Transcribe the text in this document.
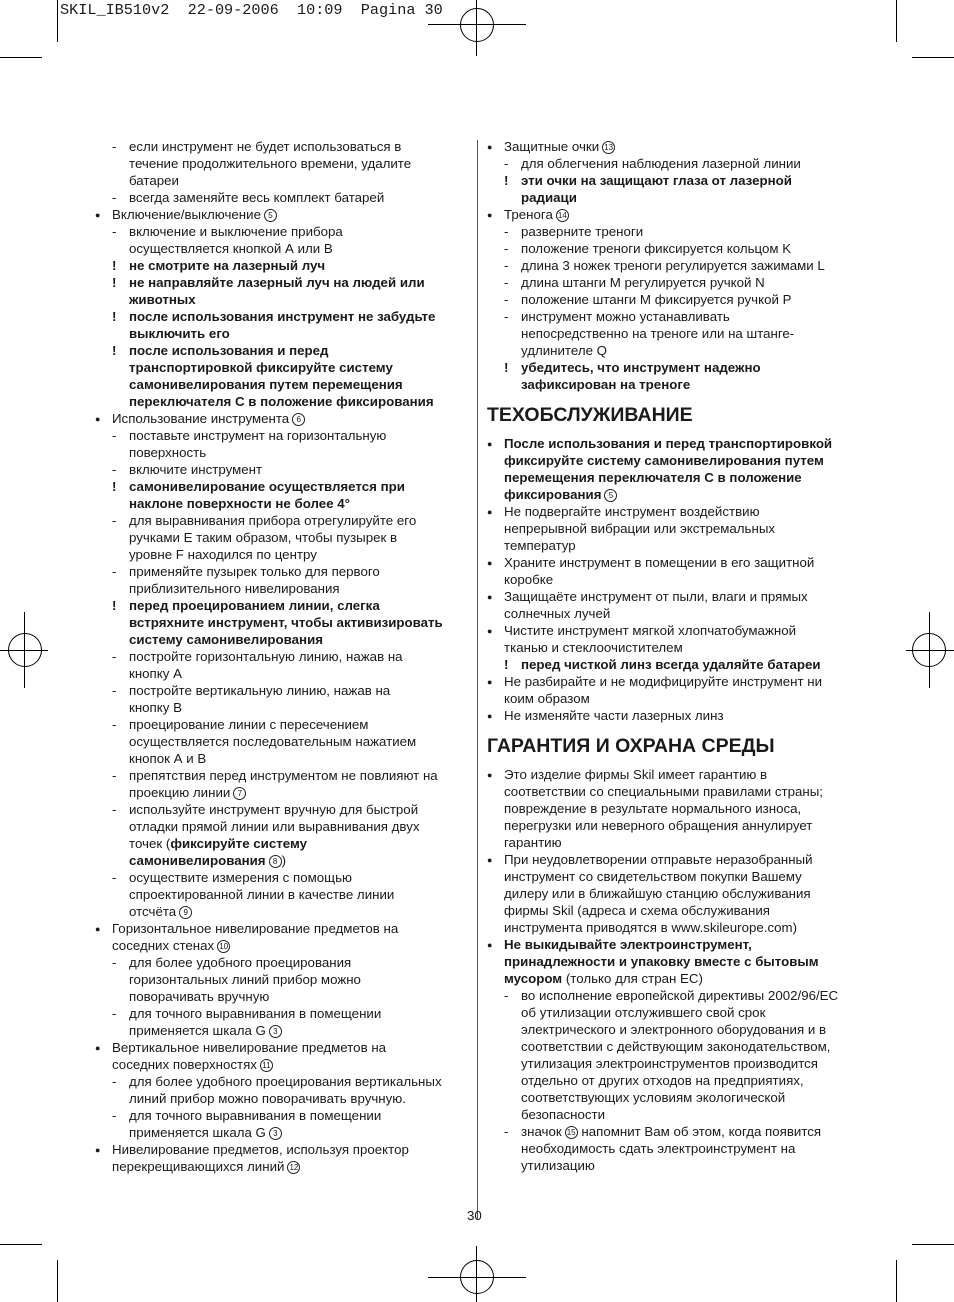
SKIL_IB510v2  22-09-2006  10:09  Pagina 30
- если инструмент не будет использоваться в
течение продолжительного времени, удалите
батареи
- всегда заменяйте весь комплект батарей
● Включение/выключение 5
- включение и выключение прибора
осуществляется кнопкой А или В
! не смотрите на лазерный луч
! не направляйте лазерный луч на людей или
животных
! после использования инструмент не забудьте
выключить его
! после использования и перед
транспортировкой фиксируйте систему
самонивелирования путем перемещения
переключателя С в положение фиксирования
● Использование инструмента 6
- поставьте инструмент на горизонтальную
поверхность
- включите инструмент
! самонивелирование осуществляется при
наклоне поверхности не более 4°
- для выравнивания прибора отрегулируйте его
ручками Е таким образом, чтобы пузырек в
уровне F находился по центру
- применяйте пузырек только для первого
приблизительного нивелирования
! перед проецированием линии, слегка
встряхните инструмент, чтобы активизировать
систему самонивелирования
- постройте горизонтальную линию, нажав на
кнопку А
- постройте вертикальную линию, нажав на
кнопку В
- проецирование линии с пересечением
осуществляется последовательным нажатием
кнопок А и В
- препятствия перед инструментом не повлияют на
проекцию линии 7
- используйте инструмент вручную для быстрой
отладки прямой линии или выравнивания двух
точек (фиксируйте систему
самонивелирования 8 )
- осуществите измерения с помощью
спроектированной линии в качестве линии
отсчёта 9
● Горизонтальное нивелирование предметов на
соседних стенах 10
- для более удобного проецирования
горизонтальных линий прибор можно
поворачивать вручную
- для точного выравнивания в помещении
применяется шкала G 3
● Вертикальное нивелирование предметов на
соседних поверхностях 11
- для более удобного проецирования вертикальных
линий прибор можно поворачивать вручную.
- для точного выравнивания в помещении
применяется шкала G 3
● Нивелирование предметов, используя проектор
перекрещивающихся линий 12
● Защитные очки 13
- для облегчения наблюдения лазерной линии
! эти очки на защищают глаза от лазерной
радиаци
● Тренога 14
- разверните треноги
- положение треноги фиксируется кольцом K
- длина 3 ножек треноги регулируется зажимами L
- длина штанги M регулируется ручкой N
- положение штанги M фиксируется ручкой P
- инструмент можно устанавливать
непосредственно на треноге или на штанге-
удлинителе Q
! убедитесь, что инструмент надежно
зафиксирован на треноге
ТЕХОБСЛУЖИВАНИЕ
● После использования и перед транспортировкой
фиксируйте систему самонивелирования путем
перемещения переключателя С в положение
фиксирования 5
● Не подвергайте инструмент воздействию
непрерывной вибрации или экстремальных
температур
● Храните инструмент в помещении в его защитной
коробке
● Защищаёте инструмент от пыли, влаги и прямых
солнечных лучей
● Чистите инструмент мягкой хлопчатобумажной
тканью и стеклоочистителем
! перед чисткой линз всегда удаляйте батареи
● Не разбирайте и не модифицируйте инструмент ни
коим образом
● Не изменяйте части лазерных линз
ГАРАНТИЯ И ОХРАНА СРЕДЫ
● Это изделие фирмы Skil имеет гарантию в
соответствии со специальными правилами страны;
повреждение в результате нормального износа,
перегрузки или неверного обращения аннулирует
гарантию
● При неудовлетворении отправьте неразобранный
инструмент со свидетельством покупки Вашему
дилеру или в ближайшую станцию обслуживания
фирмы Skil (адреса и схема обслуживания
инструмента приводятся в www.skileurope.com)
● Не выкидывайте электроинструмент,
принадлежности и упаковку вместе с бытовым
мусором (только для стран ЕС)
- во исполнение европейской директивы 2002/96/ЕС
об утилизации отслужившего свой срок
электрического и электронного оборудования и в
соответствии с действующим законодательством,
утилизация электроинструментов производится
отдельно от других отходов на предприятиях,
соответствующих условиям экологической
безопасности
- значок 15 напомнит Вам об этом, когда появится
необходимость сдать электроинструмент на
утилизацию
30
